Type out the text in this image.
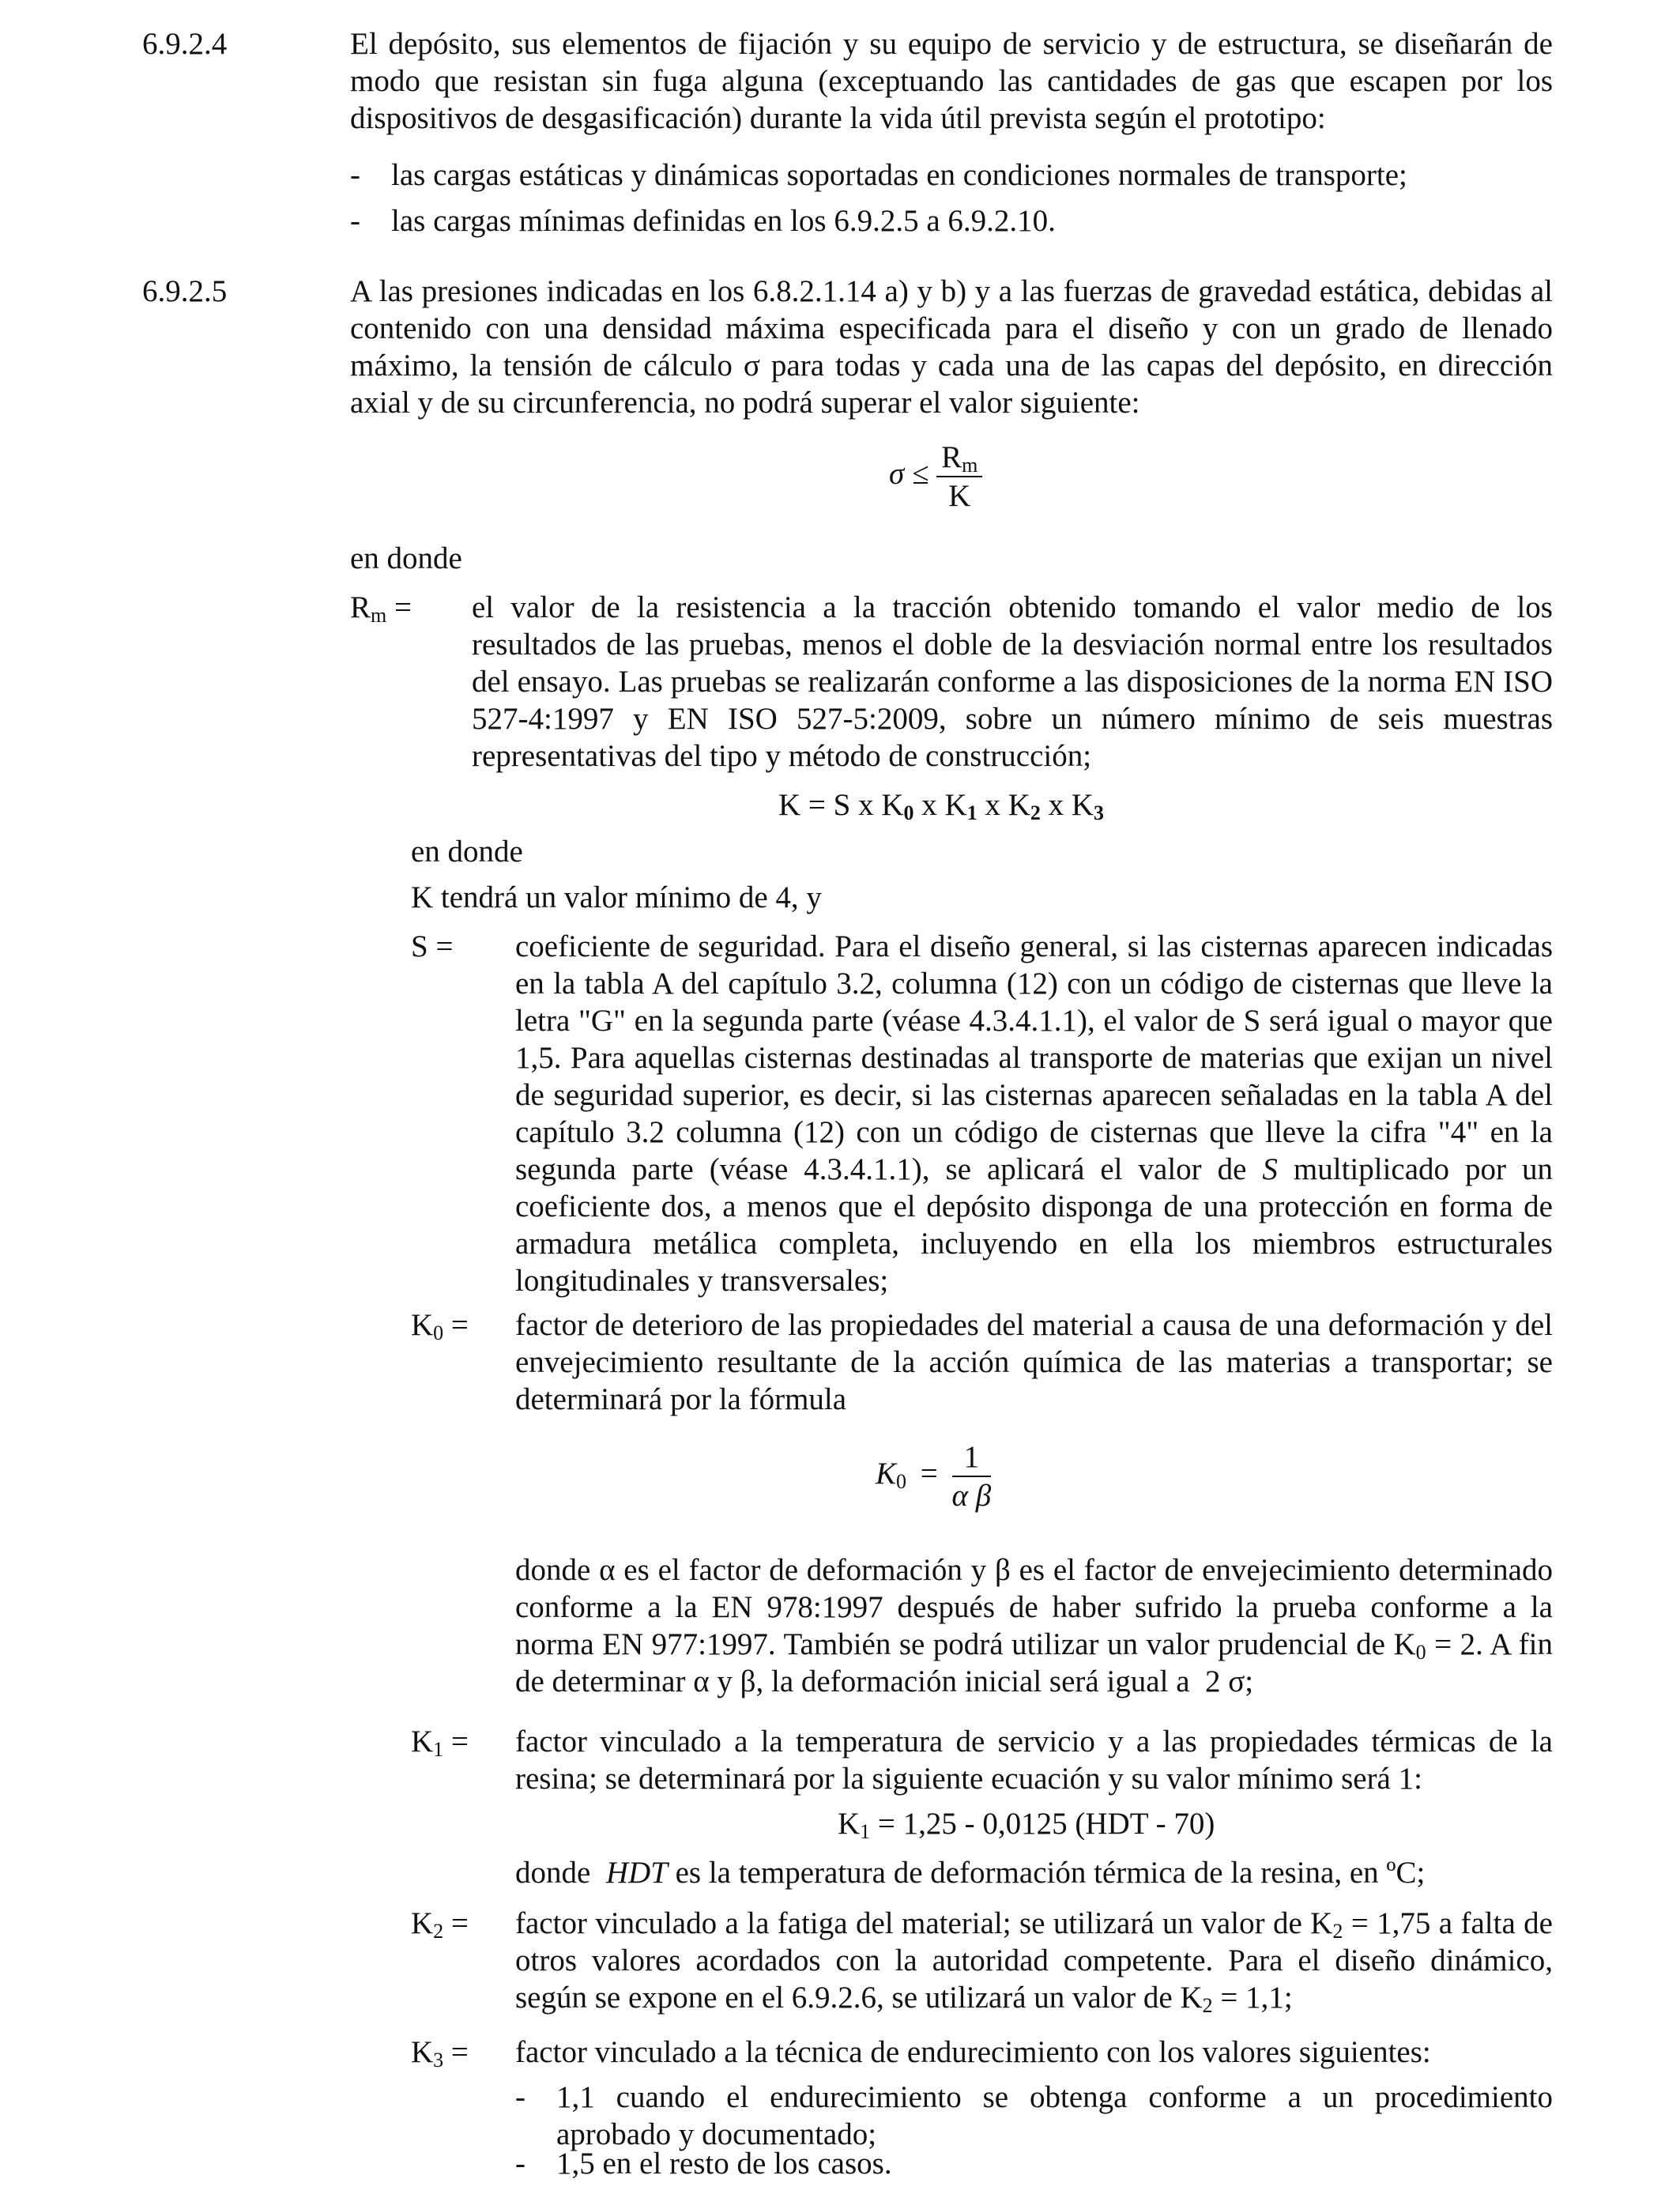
6.9.2.4	El depósito, sus elementos de fijación y su equipo de servicio y de estructura, se diseñarán de modo que resistan sin fuga alguna (exceptuando las cantidades de gas que escapen por los dispositivos de desgasificación) durante la vida útil prevista según el prototipo:
- las cargas estáticas y dinámicas soportadas en condiciones normales de transporte;
- las cargas mínimas definidas en los 6.9.2.5 a 6.9.2.10.
6.9.2.5	A las presiones indicadas en los 6.8.2.1.14 a) y b) y a las fuerzas de gravedad estática, debidas al contenido con una densidad máxima especificada para el diseño y con un grado de llenado máximo, la tensión de cálculo σ para todas y cada una de las capas del depósito, en dirección axial y de su circunferencia, no podrá superar el valor siguiente:
$\sigma \le \frac{Rm}{K}$
en donde
Rm = el valor de la resistencia a la tracción obtenido tomando el valor medio de los resultados de las pruebas, menos el doble de la desviación normal entre los resultados del ensayo. Las pruebas se realizarán conforme a las disposiciones de la norma EN ISO 527-4:1997 y EN ISO 527-5:2009, sobre un número mínimo de seis muestras representativas del tipo y método de construcción;
K = S x K0 x K1 x K2 x K3
en donde
K tendrá un valor mínimo de 4, y
S = coeficiente de seguridad. Para el diseño general, si las cisternas aparecen indicadas en la tabla A del capítulo 3.2, columna (12) con un código de cisternas que lleve la letra "G" en la segunda parte (véase 4.3.4.1.1), el valor de S será igual o mayor que 1,5. Para aquellas cisternas destinadas al transporte de materias que exijan un nivel de seguridad superior, es decir, si las cisternas aparecen señaladas en la tabla A del capítulo 3.2 columna (12) con un código de cisternas que lleve la cifra "4" en la segunda parte (véase 4.3.4.1.1), se aplicará el valor de S multiplicado por un coeficiente dos, a menos que el depósito disponga de una protección en forma de armadura metálica completa, incluyendo en ella los miembros estructurales longitudinales y transversales;
K0 = factor de deterioro de las propiedades del material a causa de una deformación y del envejecimiento resultante de la acción química de las materias a transportar; se determinará por la fórmula
$K0 = \frac{1}{\text{α β}}$
donde α es el factor de deformación y β es el factor de envejecimiento determinado conforme a la EN 978:1997 después de haber sufrido la prueba conforme a la norma EN 977:1997. También se podrá utilizar un valor prudencial de K0 = 2. A fin de determinar α y β, la deformación inicial será igual a  2 σ;
K1 = factor vinculado a la temperatura de servicio y a las propiedades térmicas de la resina; se determinará por la siguiente ecuación y su valor mínimo será 1:
K1 = 1,25 - 0,0125 (HDT - 70)
donde  HDT es la temperatura de deformación térmica de la resina, en ºC;
K2 = factor vinculado a la fatiga del material; se utilizará un valor de K2 = 1,75 a falta de otros valores acordados con la autoridad competente. Para el diseño dinámico, según se expone en el 6.9.2.6, se utilizará un valor de K2 = 1,1;
K3 = factor vinculado a la técnica de endurecimiento con los valores siguientes:
- 1,1 cuando el endurecimiento se obtenga conforme a un procedimiento aprobado y documentado;
- 1,5 en el resto de los casos.
